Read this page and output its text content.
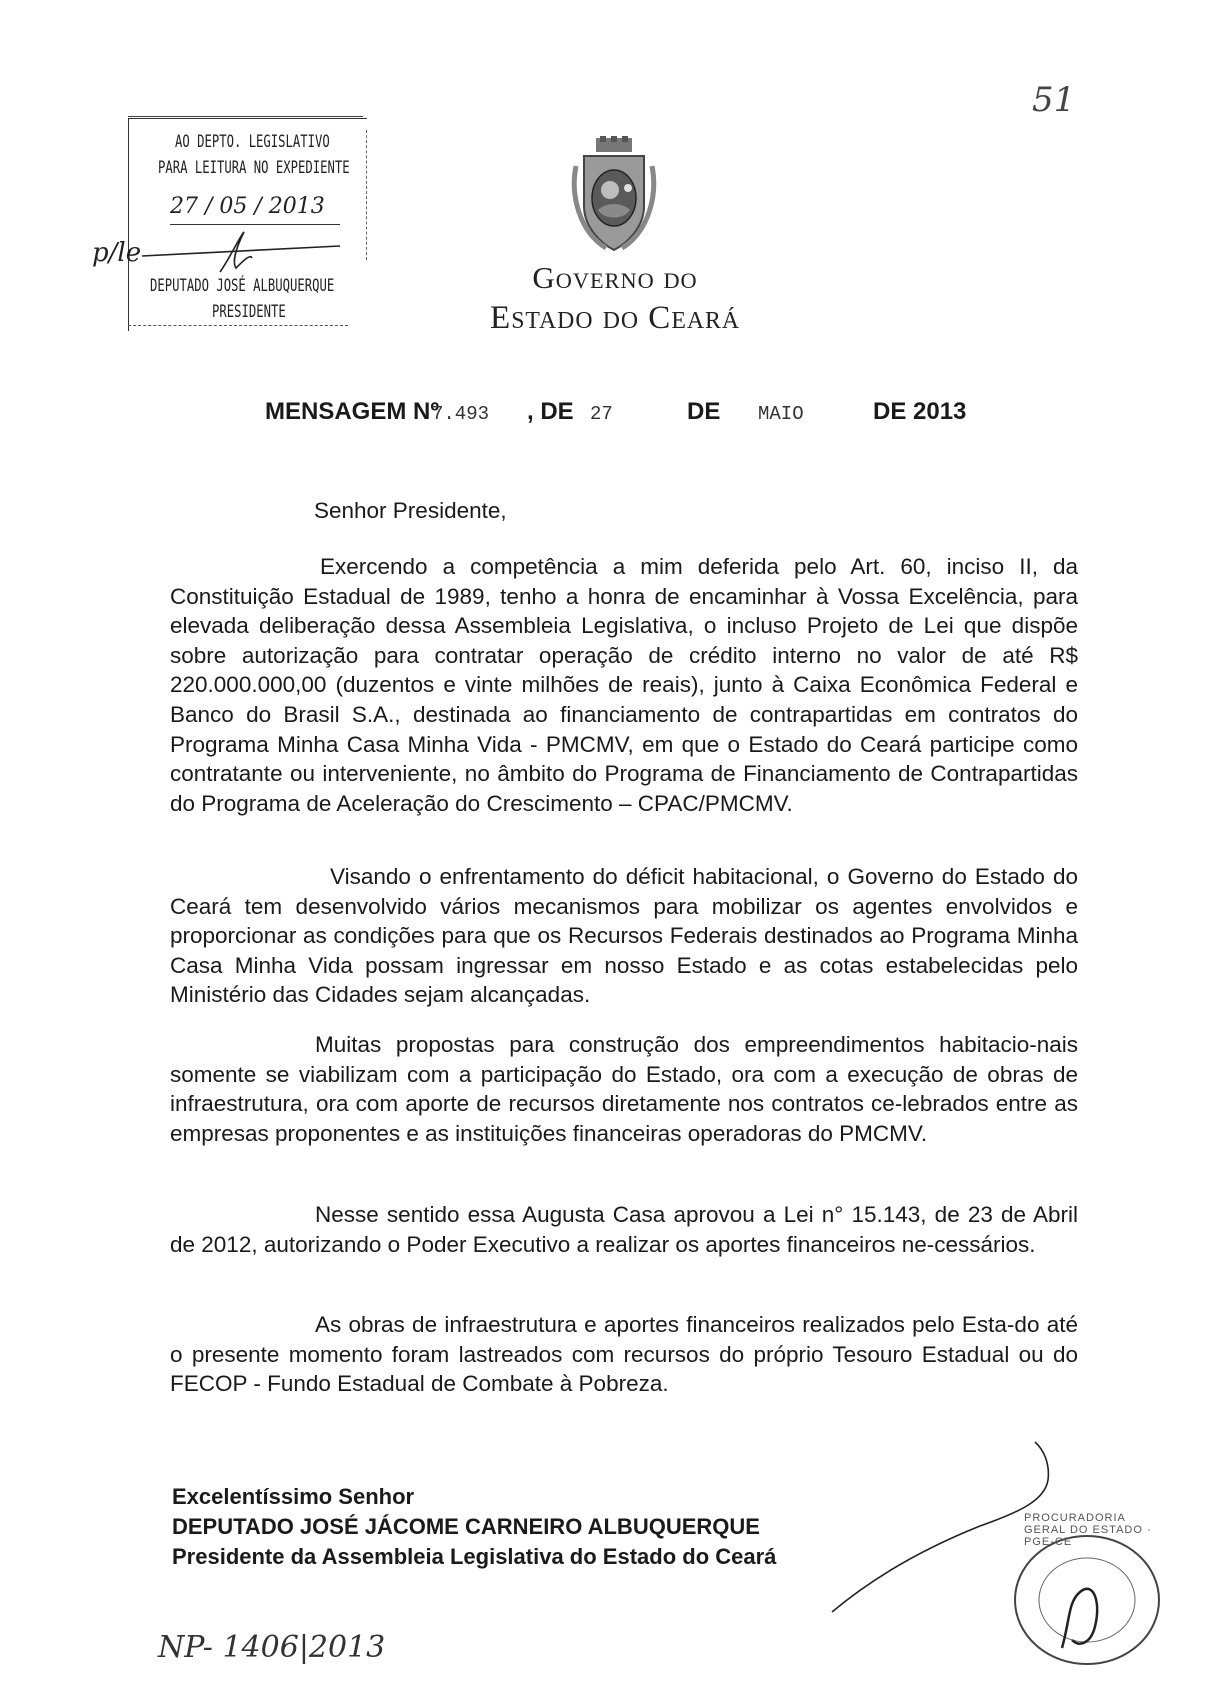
51
AO DEPTO. LEGISLATIVO
PARA LEITURA NO EXPEDIENTE
27 / 05 / 2013
p/le
DEPUTADO JOSÉ ALBUQUERQUE
PRESIDENTE
GOVERNO DO
ESTADO DO CEARÁ
MENSAGEM Nº
7.493 , DE 27	DE MAIO	DE 2013
Senhor Presidente,
Exercendo a competência a mim deferida pelo Art. 60, inciso II, da Constituição Estadual de 1989, tenho a honra de encaminhar à Vossa Excelência, para elevada deliberação dessa Assembleia Legislativa, o incluso Projeto de Lei que dispõe sobre autorização para contratar operação de crédito interno no valor de até R$ 220.000.000,00 (duzentos e vinte milhões de reais), junto à Caixa Econômica Federal e Banco do Brasil S.A., destinada ao financiamento de contrapartidas em contratos do Programa Minha Casa Minha Vida - PMCMV, em que o Estado do Ceará participe como contratante ou interveniente, no âmbito do Programa de Financiamento de Contrapartidas do Programa de Aceleração do Crescimento – CPAC/PMCMV.
Visando o enfrentamento do déficit habitacional, o Governo do Estado do Ceará tem desenvolvido vários mecanismos para mobilizar os agentes envolvidos e proporcionar as condições para que os Recursos Federais destinados ao Programa Minha Casa Minha Vida possam ingressar em nosso Estado e as cotas estabelecidas pelo Ministério das Cidades sejam alcançadas.
Muitas propostas para construção dos empreendimentos habitacio-nais somente se viabilizam com a participação do Estado, ora com a execução de obras de infraestrutura, ora com aporte de recursos diretamente nos contratos ce-lebrados entre as empresas proponentes e as instituições financeiras operadoras do PMCMV.
Nesse sentido essa Augusta Casa aprovou a Lei n° 15.143, de 23 de Abril de 2012, autorizando o Poder Executivo a realizar os aportes financeiros ne-cessários.
As obras de infraestrutura e aportes financeiros realizados pelo Esta-do até o presente momento foram lastreados com recursos do próprio Tesouro Estadual ou do FECOP - Fundo Estadual de Combate à Pobreza.
Excelentíssimo Senhor
DEPUTADO JOSÉ JÁCOME CARNEIRO ALBUQUERQUE
Presidente da Assembleia Legislativa do Estado do Ceará
PROCURADORIA GERAL DO ESTADO · PGE-CE
NP- 1406|2013
